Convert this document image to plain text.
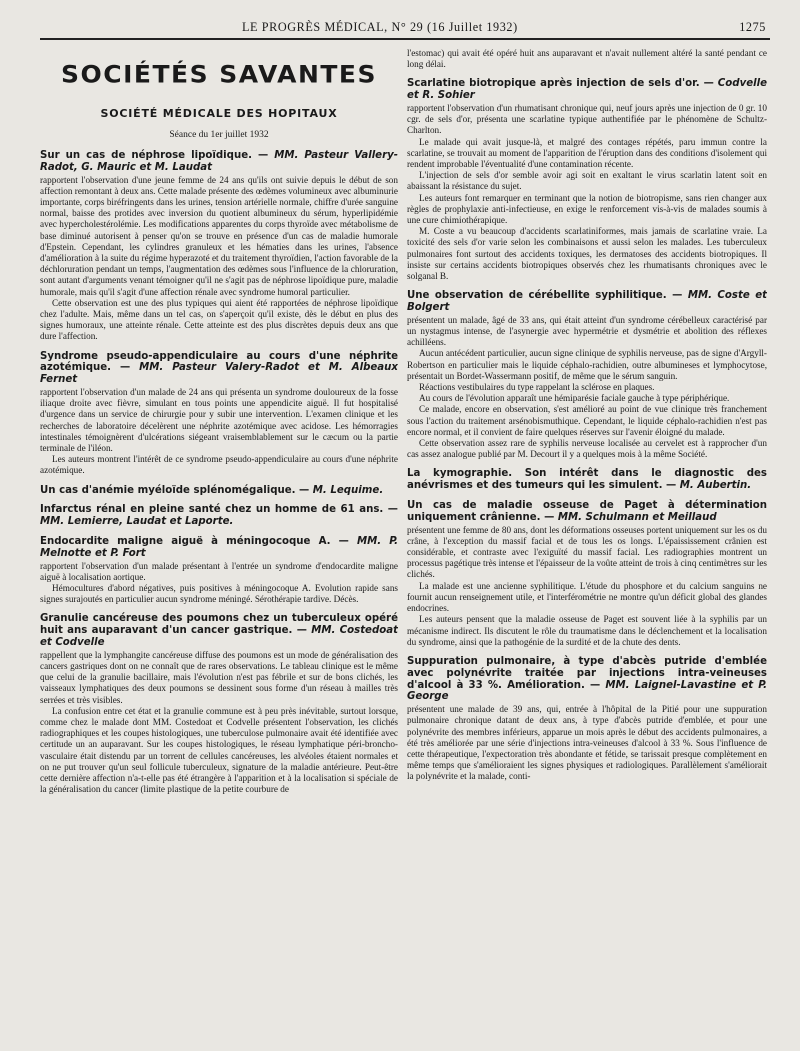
LE PROGRÈS MÉDICAL, N° 29 (16 Juillet 1932)	1275
SOCIÉTÉS SAVANTES
SOCIÉTÉ MÉDICALE DES HOPITAUX
Séance du 1er juillet 1932
Sur un cas de néphrose lipoïdique. — MM. Pasteur Vallery-Radot, G. Mauric et M. Laudat

rapportent l'observation d'une jeune femme de 24 ans qu'ils ont suivie depuis le début de son affection remontant à deux ans. Cette malade présente des œdèmes volumineux avec albuminurie importante, corps biréfringents dans les urines, tension artérielle normale, chiffre d'urée sanguine normal, baisse des protides avec inversion du quotient albumineux du sérum, hyperlipidémie avec hypercholestérolémie. Les modifications apparentes du corps thyroïde avec métabolisme de base diminué autorisent à penser qu'on se trouve en présence d'un cas de maladie humorale d'Epstein. Cependant, les cylindres granuleux et les hématies dans les urines, l'absence d'amélioration à la suite du régime hyperazoté et du traitement thyroïdien, l'action favorable de la déchloruration pendant un temps, l'augmentation des œdèmes sous l'influence de la chloruration, sont autant d'arguments venant témoigner qu'il ne s'agit pas de néphrose lipoïdique pure, maladie humorale, mais qu'il s'agit d'une affection rénale avec syndrome humoral particulier.

Cette observation est une des plus typiques qui aient été rapportées de néphrose lipoïdique chez l'adulte. Mais, même dans un tel cas, on s'aperçoit qu'il existe, dès le début en plus des signes humoraux, une atteinte rénale. Cette atteinte est des plus discrètes depuis deux ans que dure l'affection.

Syndrome pseudo-appendiculaire au cours d'une néphrite azotémique. — MM. Pasteur Valery-Radot et M. Albeaux Fernet

rapportent l'observation d'un malade de 24 ans qui présenta un syndrome douloureux de la fosse iliaque droite avec fièvre, simulant en tous points une appendicite aiguë. Il fut hospitalisé d'urgence dans un service de chirurgie pour y subir une intervention. L'examen clinique et les recherches de laboratoire décelèrent une néphrite azotémique avec acidose. Les hémorragies intestinales témoignèrent d'ulcérations siégeant vraisemblablement sur le cæcum ou la partie terminale de l'iléon.

Les auteurs montrent l'intérêt de ce syndrome pseudo-appendiculaire au cours d'une néphrite azotémique.

Un cas d'anémie myéloïde splénomégalique. — M. Lequime.
Infarctus rénal en pleine santé chez un homme de 61 ans. — MM. Lemierre, Laudat et Laporte.
Endocardite maligne aiguë à méningocoque A. — MM. P. Melnotte et P. Fort

rapportent l'observation d'un malade présentant à l'entrée un syndrome d'endocardite maligne aiguë à localisation aortique.

Hémocultures d'abord négatives, puis positives à méningocoque A. Evolution rapide sans signes surajoutés en particulier aucun syndrome méningé. Sérothérapie tardive. Décès.

Granulie cancéreuse des poumons chez un tuberculeux opéré huit ans auparavant d'un cancer gastrique. — MM. Costedoat et Codvelle

rappellent que la lymphangite cancéreuse diffuse des poumons est un mode de généralisation des cancers gastriques dont on ne connaît que de rares observations. Le tableau clinique est le même que celui de la granulie bacillaire, mais l'évolution n'est pas fébrile et sur de bons clichés, les vaisseaux lymphatiques des deux poumons se dessinent sous forme d'un réseau à mailles très serrées et très visibles.

La confusion entre cet état et la granulie commune est à peu près inévitable, surtout lorsque, comme chez le malade dont MM. Costedoat et Codvelle présentent l'observation, les clichés radiographiques et les coupes histologiques, une tuberculose pulmonaire avait été identifiée avec certitude un an auparavant. Sur les coupes histologiques, le réseau lymphatique péri-broncho-vasculaire était distendu par un torrent de cellules cancéreuses, les alvéoles étaient normales et on ne put trouver qu'un seul follicule tuberculeux, signature de la maladie antérieure. Peut-être cette dernière affection n'a-t-elle pas été étrangère à l'apparition et à la localisation si spéciale de la généralisation du cancer (limite plastique de la petite courbure de

l'estomac) qui avait été opéré huit ans auparavant et n'avait nullement altéré la santé pendant ce long délai.

Scarlatine biotropique après injection de sels d'or. — Codvelle et R. Sohier

rapportent l'observation d'un rhumatisant chronique qui, neuf jours après une injection de 0 gr. 10 cgr. de sels d'or, présenta une scarlatine typique authentifiée par le phénomène de Schultz-Charlton.

Le malade qui avait jusque-là, et malgré des contages répétés, paru immun contre la scarlatine, se trouvait au moment de l'apparition de l'éruption dans des conditions d'isolement qui rendent improbable l'éventualité d'une contamination récente.

L'injection de sels d'or semble avoir agi soit en exaltant le virus scarlatin latent soit en abaissant la résistance du sujet.

Les auteurs font remarquer en terminant que la notion de biotropisme, sans rien changer aux règles de prophylaxie anti-infectieuse, en exige le renforcement vis-à-vis de malades soumis à une cure chimiothérapique.

M. Coste a vu beaucoup d'accidents scarlatiniformes, mais jamais de scarlatine vraie. La toxicité des sels d'or varie selon les combinaisons et aussi selon les malades. Les tuberculeux pulmonaires font surtout des accidents toxiques, les dermatoses des accidents biotropiques. Il insiste sur certains accidents biotropiques observés chez les rhumatisants chroniques avec le solganal B.

Une observation de cérébellite syphilitique. — MM. Coste et Bolgert

présentent un malade, âgé de 33 ans, qui était atteint d'un syndrome cérébelleux caractérisé par un nystagmus intense, de l'asynergie avec hypermétrie et dysmétrie et abolition des réflexes achilléens.

Aucun antécédent particulier, aucun signe clinique de syphilis nerveuse, pas de signe d'Argyll-Robertson en particulier mais le liquide céphalo-rachidien, outre albumineses et lymphocytose, présentait un Bordet-Wassermann positif, de même que le sérum sanguin.

Réactions vestibulaires du type rappelant la sclérose en plaques.

Au cours de l'évolution apparaît une hémiparésie faciale gauche à type périphérique.

Ce malade, encore en observation, s'est amélioré au point de vue clinique très franchement sous l'action du traitement arsénobismuthique. Cependant, le liquide céphalo-rachidien n'est pas encore normal, et il convient de faire quelques réserves sur l'avenir éloigné du malade.

Cette observation assez rare de syphilis nerveuse localisée au cervelet est à rapprocher d'un cas assez analogue publié par M. Decourt il y a quelques mois à la même Société.

La kymographie. Son intérêt dans le diagnostic des anévrismes et des tumeurs qui les simulent. — M. Aubertin.
Un cas de maladie osseuse de Paget à détermination uniquement crânienne. — MM. Schulmann et Meillaud

présentent une femme de 80 ans, dont les déformations osseuses portent uniquement sur les os du crâne, à l'exception du massif facial et de tous les os longs. L'épaississement crânien est considérable, et contraste avec l'exiguïté du massif facial. Les radiographies montrent un processus pagétique très intense et l'épaisseur de la voûte atteint de trois à cinq centimètres sur les clichés.

La malade est une ancienne syphilitique. L'étude du phosphore et du calcium sanguins ne fournit aucun renseignement utile, et l'interférométrie ne montre qu'un déficit global des glandes endocrines.

Les auteurs pensent que la maladie osseuse de Paget est souvent liée à la syphilis par un mécanisme indirect. Ils discutent le rôle du traumatisme dans le déclenchement et la localisation du syndrome, ainsi que la pathogénie de la surdité et de la chute des dents.

Suppuration pulmonaire, à type d'abcès putride d'emblée avec polynévrite traitée par injections intra-veineuses d'alcool à 33 %. Amélioration. — MM. Laignel-Lavastine et P. George

présentent une malade de 39 ans, qui, entrée à l'hôpital de la Pitié pour une suppuration pulmonaire chronique datant de deux ans, à type d'abcès putride d'emblée, et pour une polynévrite des membres inférieurs, apparue un mois après le début des accidents pulmonaires, a été très améliorée par une série d'injections intra-veineuses d'alcool à 33 %. Sous l'influence de cette thérapeutique, l'expectoration très abondante et fétide, se tarissait presque complètement en même temps que s'amélioraient les signes physiques et radiologiques. Parallèlement s'améliorait la polynévrite et la malade, conti-
